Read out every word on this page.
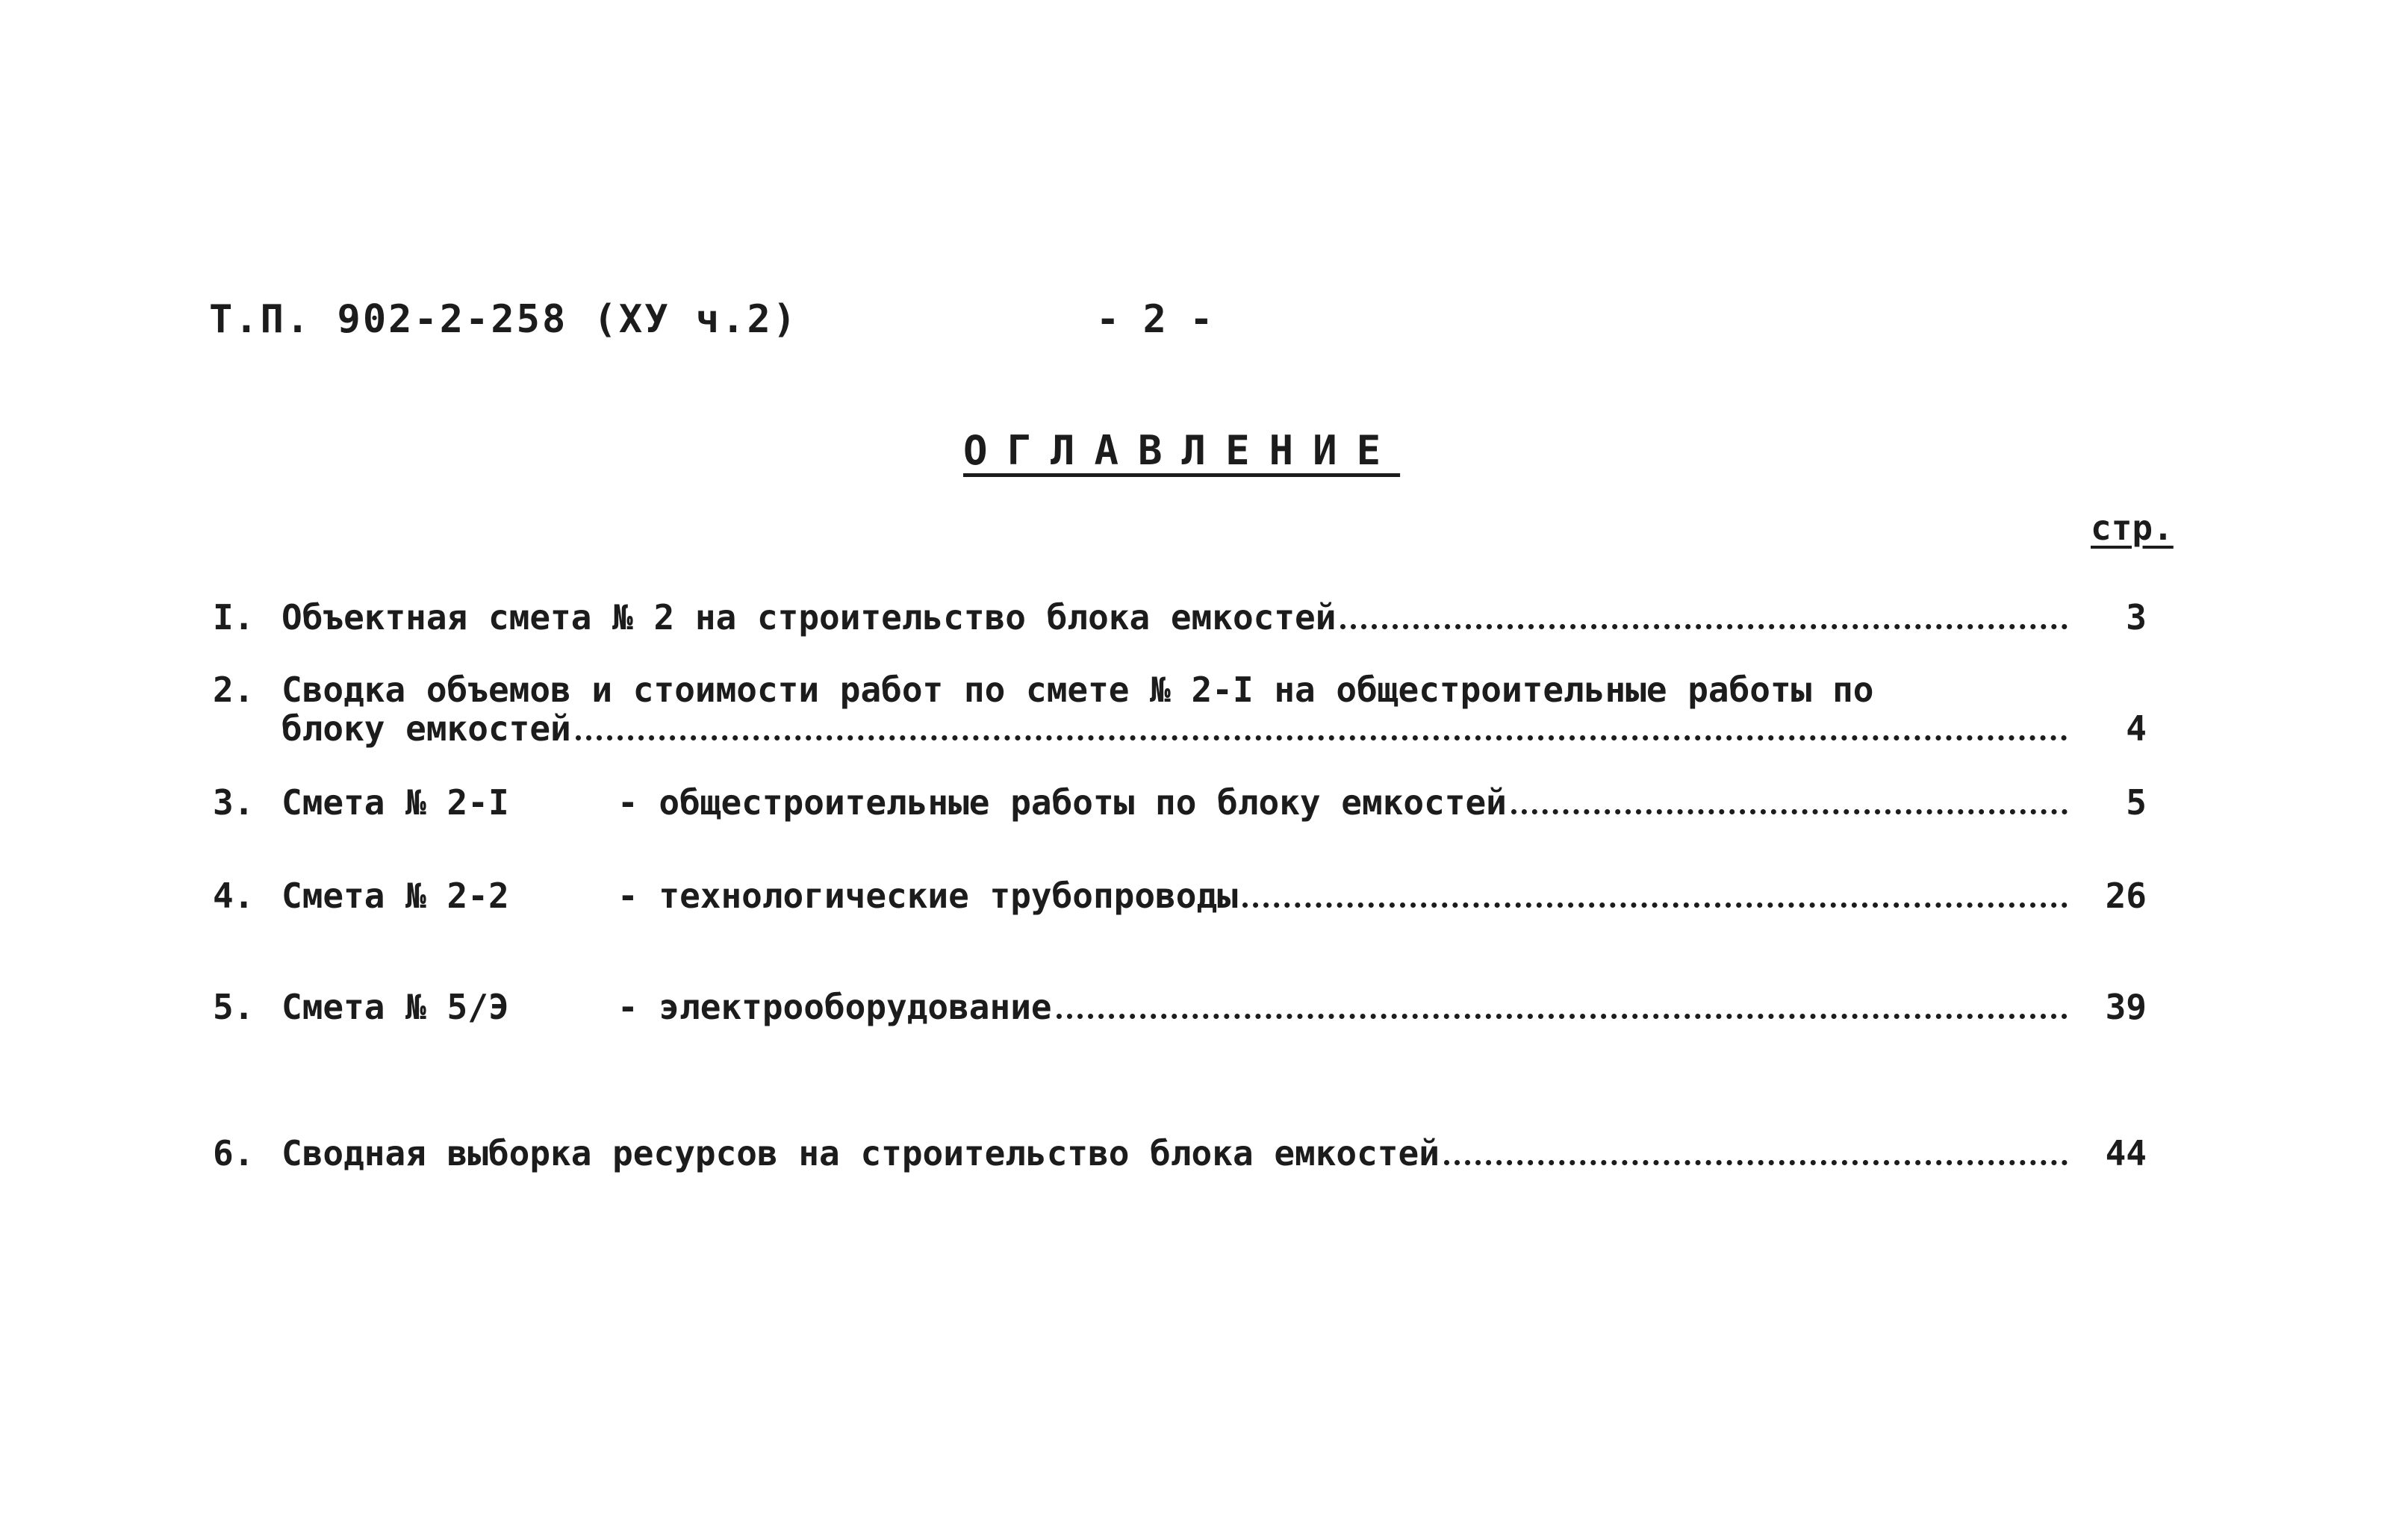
Т.П. 902-2-258 (ХУ ч.2)	- 2 -
ОГЛАВЛЕНИЕ
стр.
I. Объектная смета № 2 на строительство блока емкостей	3
2. Сводка объемов и стоимости работ по смете № 2-I на общестроительные работы по
блоку емкостей	4
3. Смета № 2-I	- общестроительные работы по блоку емкостей	5
4. Смета № 2-2	- технологические трубопроводы	26
5. Смета № 5/Э	- электрооборудование	39
6. Сводная выборка ресурсов на строительство блока емкостей	44
